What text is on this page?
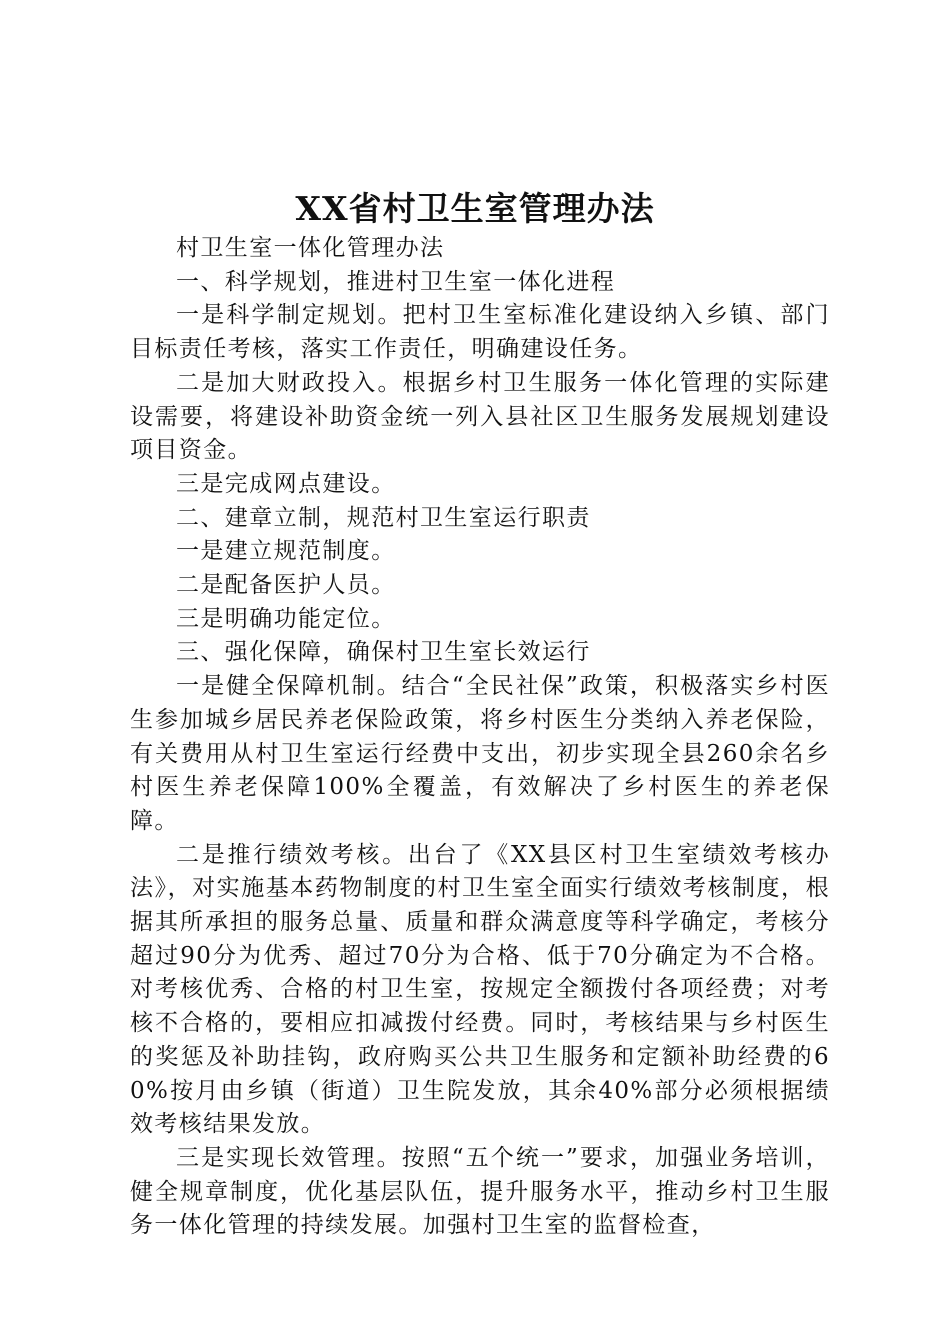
XX省村卫生室管理办法

村卫生室一体化管理办法

一、科学规划，推进村卫生室一体化进程

一是科学制定规划。把村卫生室标准化建设纳入乡镇、部门目标责任考核，落实工作责任，明确建设任务。

二是加大财政投入。根据乡村卫生服务一体化管理的实际建设需要，将建设补助资金统一列入县社区卫生服务发展规划建设项目资金。

三是完成网点建设。

二、建章立制，规范村卫生室运行职责

一是建立规范制度。

二是配备医护人员。

三是明确功能定位。

三、强化保障，确保村卫生室长效运行

一是健全保障机制。结合“全民社保”政策，积极落实乡村医生参加城乡居民养老保险政策，将乡村医生分类纳入养老保险，有关费用从村卫生室运行经费中支出，初步实现全县260余名乡村医生养老保障100%全覆盖，有效解决了乡村医生的养老保障。

二是推行绩效考核。出台了《XX县区村卫生室绩效考核办法》，对实施基本药物制度的村卫生室全面实行绩效考核制度，根据其所承担的服务总量、质量和群众满意度等科学确定，考核分超过90分为优秀、超过70分为合格、低于70分确定为不合格。对考核优秀、合格的村卫生室，按规定全额拨付各项经费；对考核不合格的，要相应扣减拨付经费。同时，考核结果与乡村医生的奖惩及补助挂钩，政府购买公共卫生服务和定额补助经费的60%按月由乡镇（街道）卫生院发放，其余40%部分必须根据绩效考核结果发放。

三是实现长效管理。按照“五个统一”要求，加强业务培训，健全规章制度，优化基层队伍，提升服务水平，推动乡村卫生服务一体化管理的持续发展。加强村卫生室的监督检查，
